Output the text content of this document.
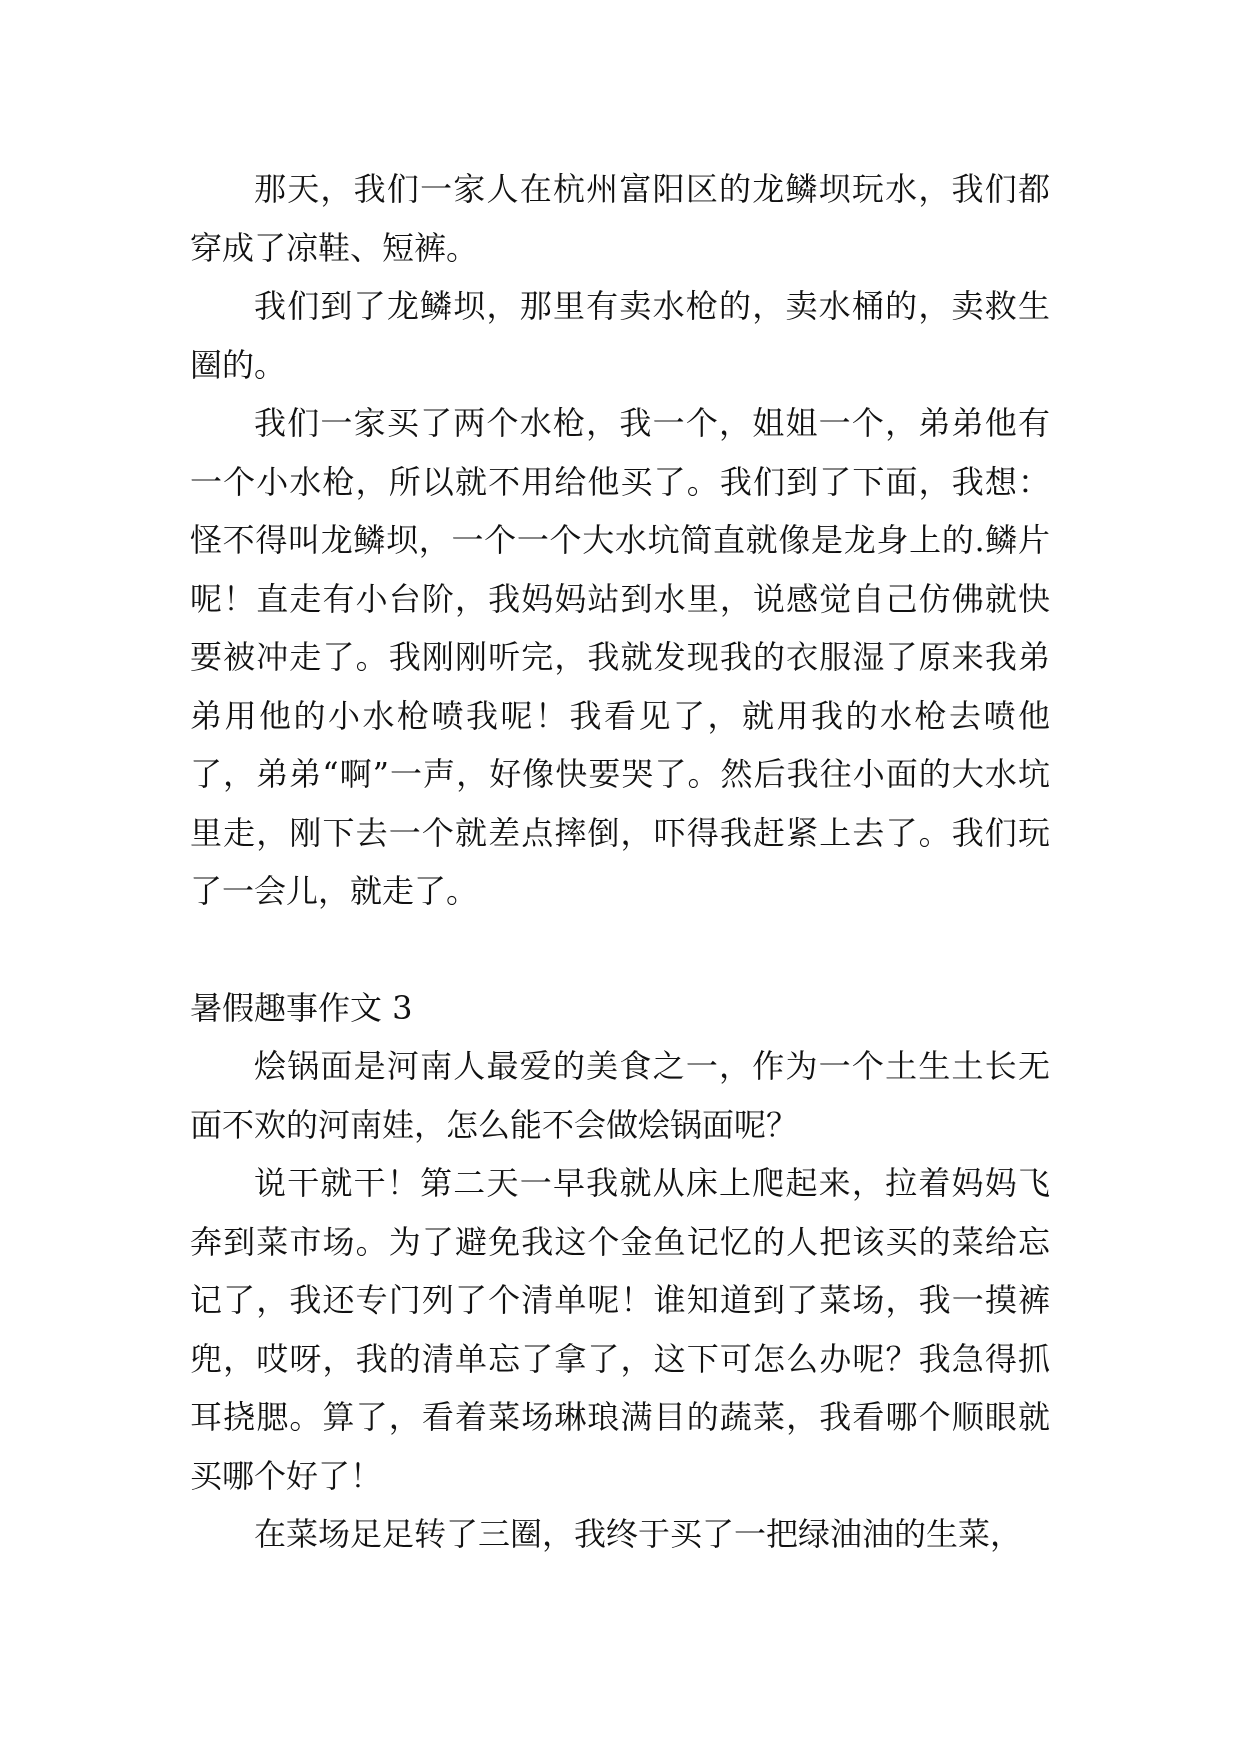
那天，我们一家人在杭州富阳区的龙鳞坝玩水，我们都穿成了凉鞋、短裤。

我们到了龙鳞坝，那里有卖水枪的，卖水桶的，卖救生圈的。

我们一家买了两个水枪，我一个，姐姐一个，弟弟他有一个小水枪，所以就不用给他买了。我们到了下面，我想：怪不得叫龙鳞坝，一个一个大水坑简直就像是龙身上的.鳞片呢！直走有小台阶，我妈妈站到水里，说感觉自己仿佛就快要被冲走了。我刚刚听完，我就发现我的衣服湿了原来我弟弟用他的小水枪喷我呢！我看见了，就用我的水枪去喷他了，弟弟“啊”一声，好像快要哭了。然后我往小面的大水坑里走，刚下去一个就差点摔倒，吓得我赶紧上去了。我们玩了一会儿，就走了。

暑假趣事作文 3

烩锅面是河南人最爱的美食之一，作为一个土生土长无面不欢的河南娃，怎么能不会做烩锅面呢？

说干就干！第二天一早我就从床上爬起来，拉着妈妈飞奔到菜市场。为了避免我这个金鱼记忆的人把该买的菜给忘记了，我还专门列了个清单呢！谁知道到了菜场，我一摸裤兜，哎呀，我的清单忘了拿了，这下可怎么办呢？我急得抓耳挠腮。算了，看着菜场琳琅满目的蔬菜，我看哪个顺眼就买哪个好了！

在菜场足足转了三圈，我终于买了一把绿油油的生菜，
